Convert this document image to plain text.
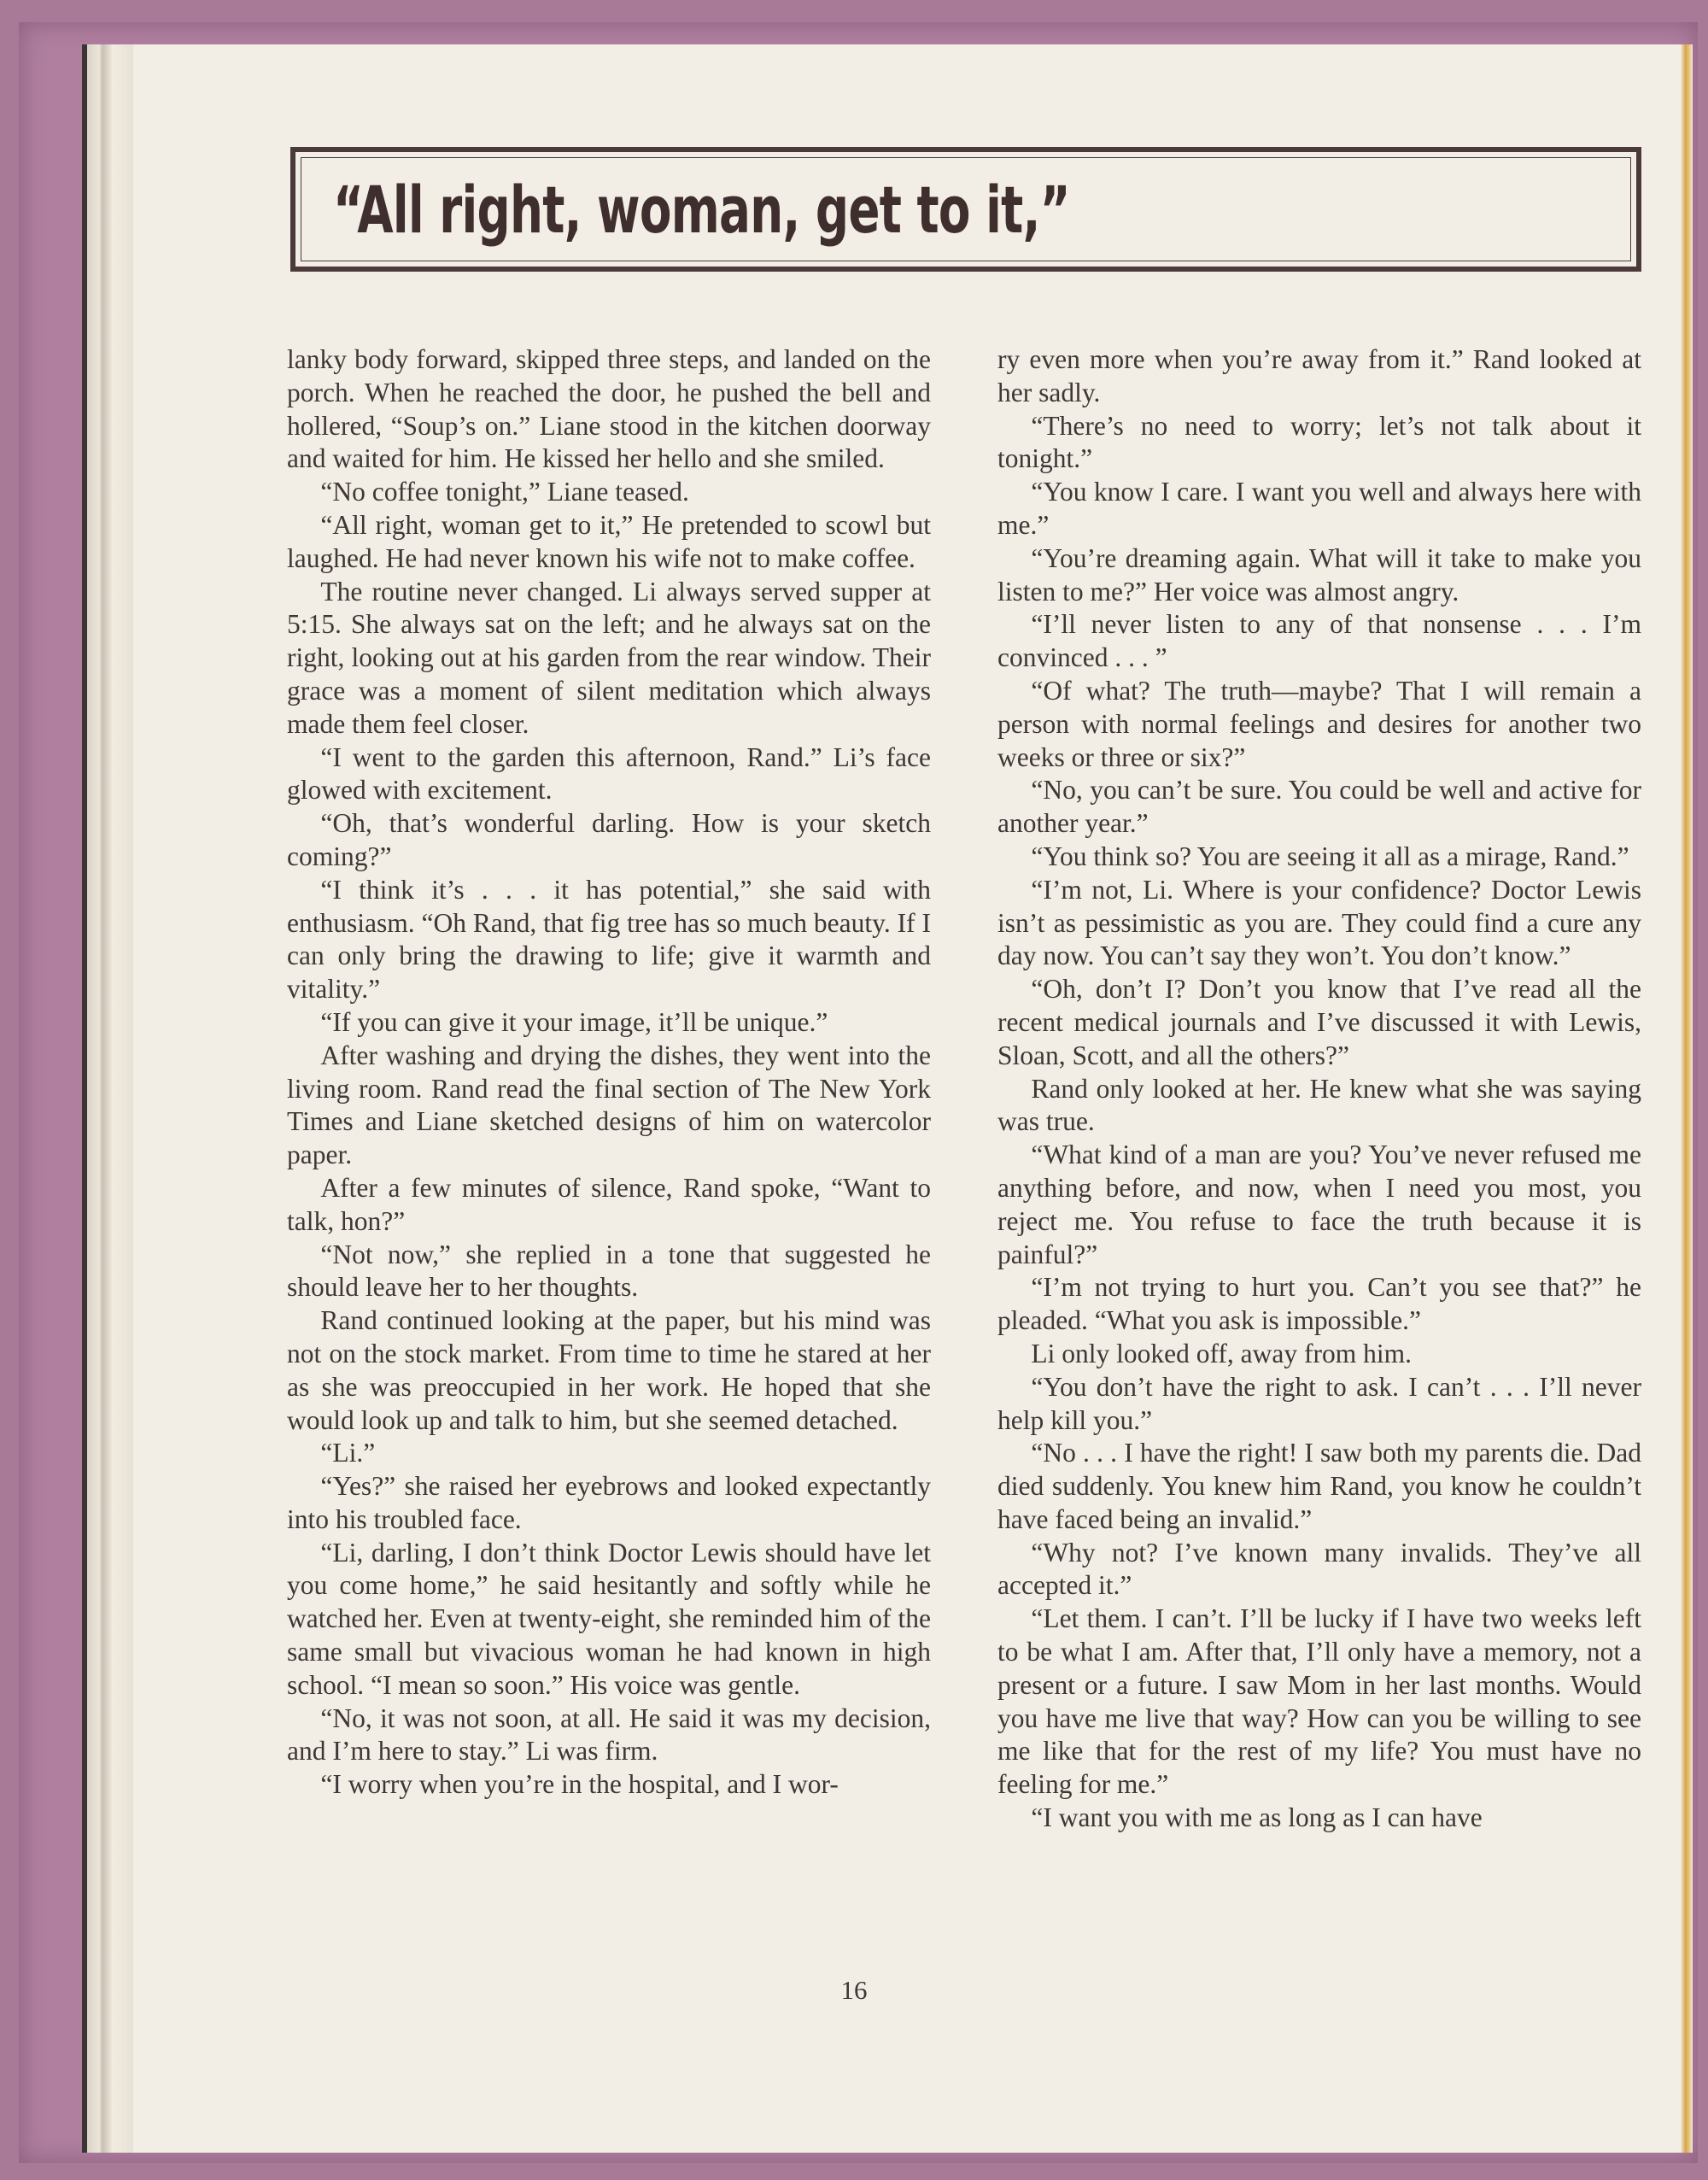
“All right, woman, get to it,”

lanky body forward, skipped three steps, and landed on the porch. When he reached the door, he pushed the bell and hollered, “Soup’s on.” Liane stood in the kitchen doorway and waited for him. He kissed her hello and she smiled.

“No coffee tonight,” Liane teased.

“All right, woman get to it,” He pretended to scowl but laughed. He had never known his wife not to make coffee.

The routine never changed. Li always served supper at 5:15. She always sat on the left; and he always sat on the right, looking out at his garden from the rear window. Their grace was a moment of silent meditation which always made them feel closer.

“I went to the garden this afternoon, Rand.” Li’s face glowed with excitement.

“Oh, that’s wonderful darling. How is your sketch coming?”

“I think it’s . . . it has potential,” she said with enthusiasm. “Oh Rand, that fig tree has so much beauty. If I can only bring the drawing to life; give it warmth and vitality.”

“If you can give it your image, it’ll be unique.”

After washing and drying the dishes, they went into the living room. Rand read the final section of The New York Times and Liane sketched designs of him on watercolor paper.

After a few minutes of silence, Rand spoke, “Want to talk, hon?”

“Not now,” she replied in a tone that suggested he should leave her to her thoughts.

Rand continued looking at the paper, but his mind was not on the stock market. From time to time he stared at her as she was preoccupied in her work. He hoped that she would look up and talk to him, but she seemed detached.

“Li.”

“Yes?” she raised her eyebrows and looked expectantly into his troubled face.

“Li, darling, I don’t think Doctor Lewis should have let you come home,” he said hesitantly and softly while he watched her. Even at twenty-eight, she reminded him of the same small but vivacious woman he had known in high school. “I mean so soon.” His voice was gentle.

“No, it was not soon, at all. He said it was my decision, and I’m here to stay.” Li was firm.

“I worry when you’re in the hospital, and I wor-

ry even more when you’re away from it.” Rand looked at her sadly.

“There’s no need to worry; let’s not talk about it tonight.”

“You know I care. I want you well and always here with me.”

“You’re dreaming again. What will it take to make you listen to me?” Her voice was almost angry.

“I’ll never listen to any of that nonsense . . . I’m convinced . . . ”

“Of what? The truth—maybe? That I will remain a person with normal feelings and desires for another two weeks or three or six?”

“No, you can’t be sure. You could be well and active for another year.”

“You think so? You are seeing it all as a mirage, Rand.”

“I’m not, Li. Where is your confidence? Doctor Lewis isn’t as pessimistic as you are. They could find a cure any day now. You can’t say they won’t. You don’t know.”

“Oh, don’t I? Don’t you know that I’ve read all the recent medical journals and I’ve discussed it with Lewis, Sloan, Scott, and all the others?”

Rand only looked at her. He knew what she was saying was true.

“What kind of a man are you? You’ve never refused me anything before, and now, when I need you most, you reject me. You refuse to face the truth because it is painful?”

“I’m not trying to hurt you. Can’t you see that?” he pleaded. “What you ask is impossible.”

Li only looked off, away from him.

“You don’t have the right to ask. I can’t . . . I’ll never help kill you.”

“No . . . I have the right! I saw both my parents die. Dad died suddenly. You knew him Rand, you know he couldn’t have faced being an invalid.”

“Why not? I’ve known many invalids. They’ve all accepted it.”

“Let them. I can’t. I’ll be lucky if I have two weeks left to be what I am. After that, I’ll only have a memory, not a present or a future. I saw Mom in her last months. Would you have me live that way? How can you be willing to see me like that for the rest of my life? You must have no feeling for me.”

“I want you with me as long as I can have

16
